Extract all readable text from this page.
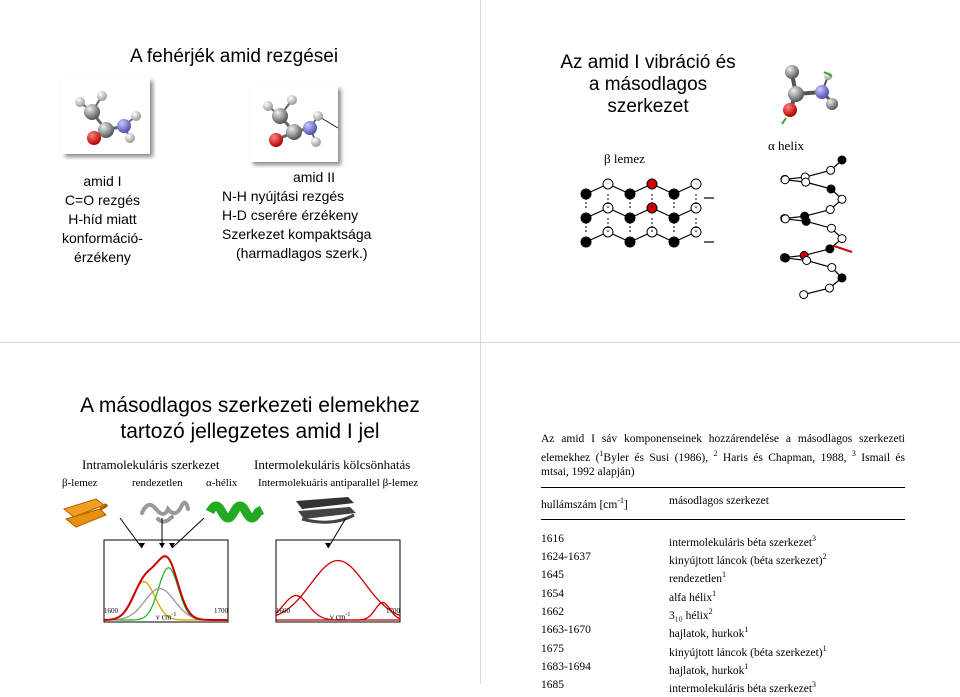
A fehérjék amid rezgései
amid I
C=O rezgés
H-híd miatt
konformáció-
érzékeny
amid II
N-H nyújtási rezgés
H-D cserére érzékeny
Szerkezet kompaktsága
(harmadlagos szerk.)
Az amid I vibráció és
a másodlagos
szerkezet
β lemez
α helix
A másodlagos szerkezeti elemekhez
tartozó jellegzetes amid I jel
Intramolekuláris szerkezet	Intermolekuláris kölcsönhatás
β-lemez	rendezetlen α-hélix Intermolekuáris antiparallel β-lemez
1600	1700
ν $cm^{-1}$	1600	1700
ν $cm^{-1}$
Az amid I sáv komponenseinek hozzárendelése a másodlagos szerkezeti elemekhez ($^1$Byler és Susi (1986), $^2$ Haris és Chapman, 1988, $^3$ Ismail és mtsai, 1992 alapján)
hullámszám $[cm^{-1}]$	másodlagos szerkezet
1616	intermolekuláris béta szerkezet$^3$
1624-1637	kinyújtott láncok (béta szerkezet)$^2$
1645	rendezetlen$^1$
1654	alfa hélix$^1$
1662	3₁₀ hélix$^2$
1663-1670	hajlatok, hurkok$^1$
1675	kinyújtott láncok (béta szerkezet)$^1$
1683-1694	hajlatok, hurkok$^1$
1685	intermolekuláris béta szerkezet$^3$
